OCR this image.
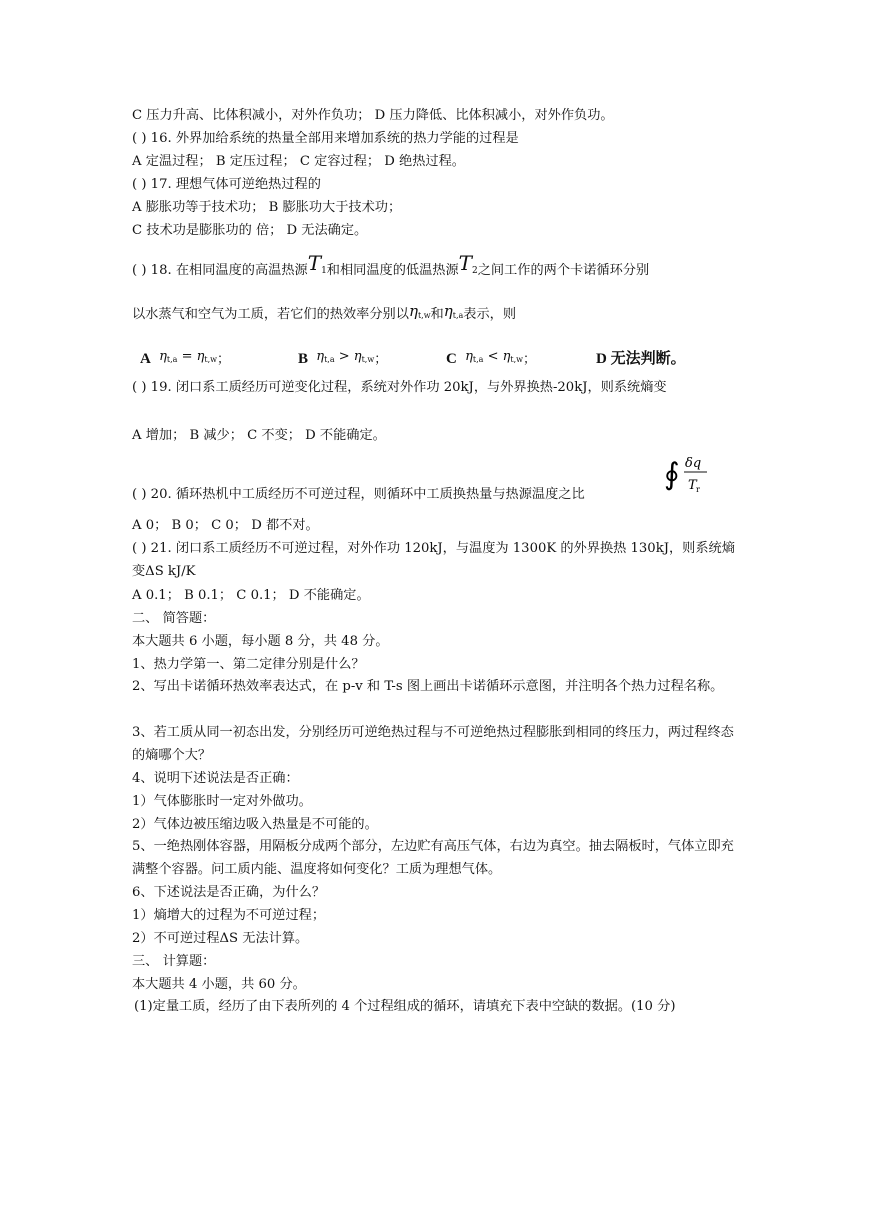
C 压力升高、比体积减小，对外作负功； D 压力降低、比体积减小，对外作负功。
( ) 16. 外界加给系统的热量全部用来增加系统的热力学能的过程是
A 定温过程； B 定压过程； C 定容过程； D 绝热过程。
( ) 17. 理想气体可逆绝热过程的
A 膨胀功等于技术功； B 膨胀功大于技术功；
C 技术功是膨胀功的 倍； D 无法确定。
( ) 18. 在相同温度的高温热源T1和相同温度的低温热源T2之间工作的两个卡诺循环分别
以水蒸气和空气为工质，若它们的热效率分别以ηt,w和ηt,a表示，则
A ηt,a = ηt,w；	B ηt,a > ηt,w；	C ηt,a < ηt,w；	D 无法判断。
( ) 19. 闭口系工质经历可逆变化过程，系统对外作功 20kJ，与外界换热-20kJ，则系统熵变
A 增加； B 减少； C 不变； D 不能确定。
( ) 20. 循环热机中工质经历不可逆过程，则循环中工质换热量与热源温度之比
∮ δq
T r
A 0； B 0； C 0； D 都不对。
( ) 21. 闭口系工质经历不可逆过程，对外作功 120kJ，与温度为 1300K 的外界换热 130kJ，则系统熵变ΔS kJ/K
A 0.1； B 0.1； C 0.1； D 不能确定。
二、 简答题：
本大题共 6 小题，每小题 8 分，共 48 分。
1、热力学第一、第二定律分别是什么？
2、写出卡诺循环热效率表达式，在 p-v 和 T-s 图上画出卡诺循环示意图，并注明各个热力过程名称。
3、若工质从同一初态出发，分别经历可逆绝热过程与不可逆绝热过程膨胀到相同的终压力，两过程终态的熵哪个大？
4、说明下述说法是否正确：
1）气体膨胀时一定对外做功。
2）气体边被压缩边吸入热量是不可能的。
5、一绝热刚体容器，用隔板分成两个部分，左边贮有高压气体，右边为真空。抽去隔板时，气体立即充满整个容器。问工质内能、温度将如何变化？工质为理想气体。
6、下述说法是否正确，为什么？
1）熵增大的过程为不可逆过程；
2）不可逆过程ΔS 无法计算。
三、 计算题：
本大题共 4 小题，共 60 分。
(1)定量工质，经历了由下表所列的 4 个过程组成的循环，请填充下表中空缺的数据。(10 分)
